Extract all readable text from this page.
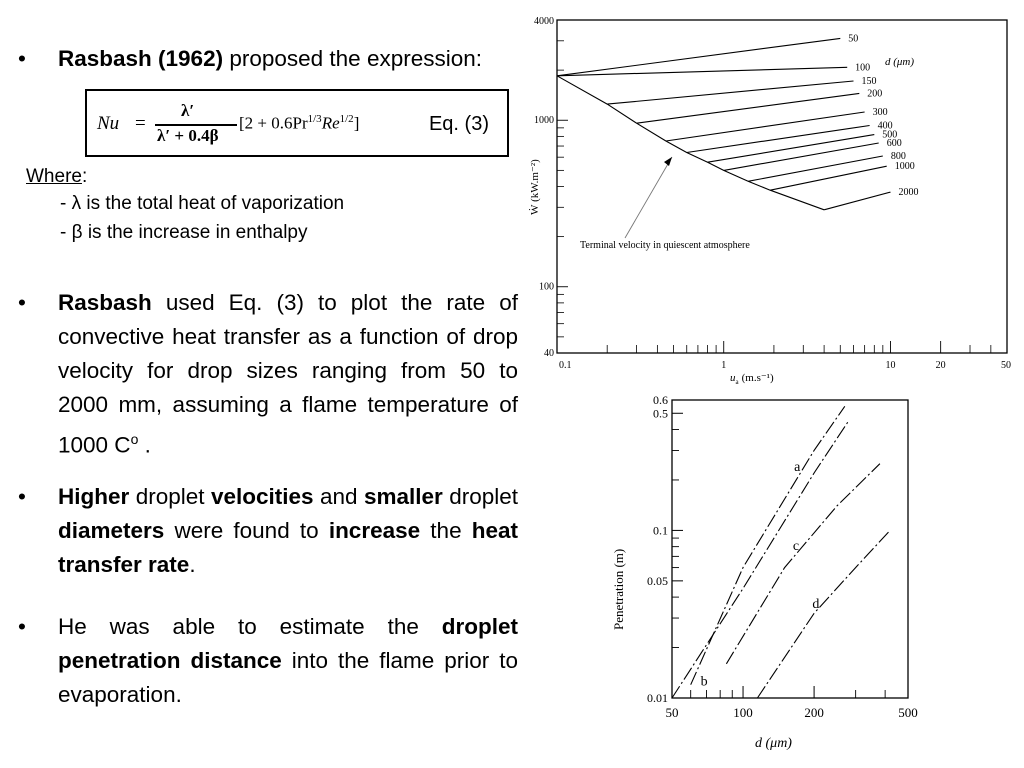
•	Rasbash (1962) proposed the expression:
Nu =
λ′
λ′ + 0.4β
$[2 + 0.6Pr^{1/3}Re^{1/2}]$	Eq. (3)
Where:
- λ is the total heat of vaporization
- β is the increase in enthalpy
•	Rasbash used Eq. (3) to plot the rate of convective heat transfer as a function of drop velocity for drop sizes ranging from 50 to 2000 mm, assuming a flame temperature of 1000 $C^o$ .
•	Higher droplet velocities and smaller droplet diameters were found to increase the heat transfer rate.
•	He was able to estimate the droplet penetration distance into the flame prior to evaporation.
0.1	1	10	20	50
4000
1000
100
40
50
100
150
200
300
400
500
600
800
1000
2000
Terminal velocity in quiescent atmosphere
d (μm)
Ẇ (kW.m⁻²)
$u_a$ (m.s⁻¹)
50	100	200	500
0.6
0.5
0.1
0.05
0.01
a
b
c
d
Penetration (m)
d (μm)
